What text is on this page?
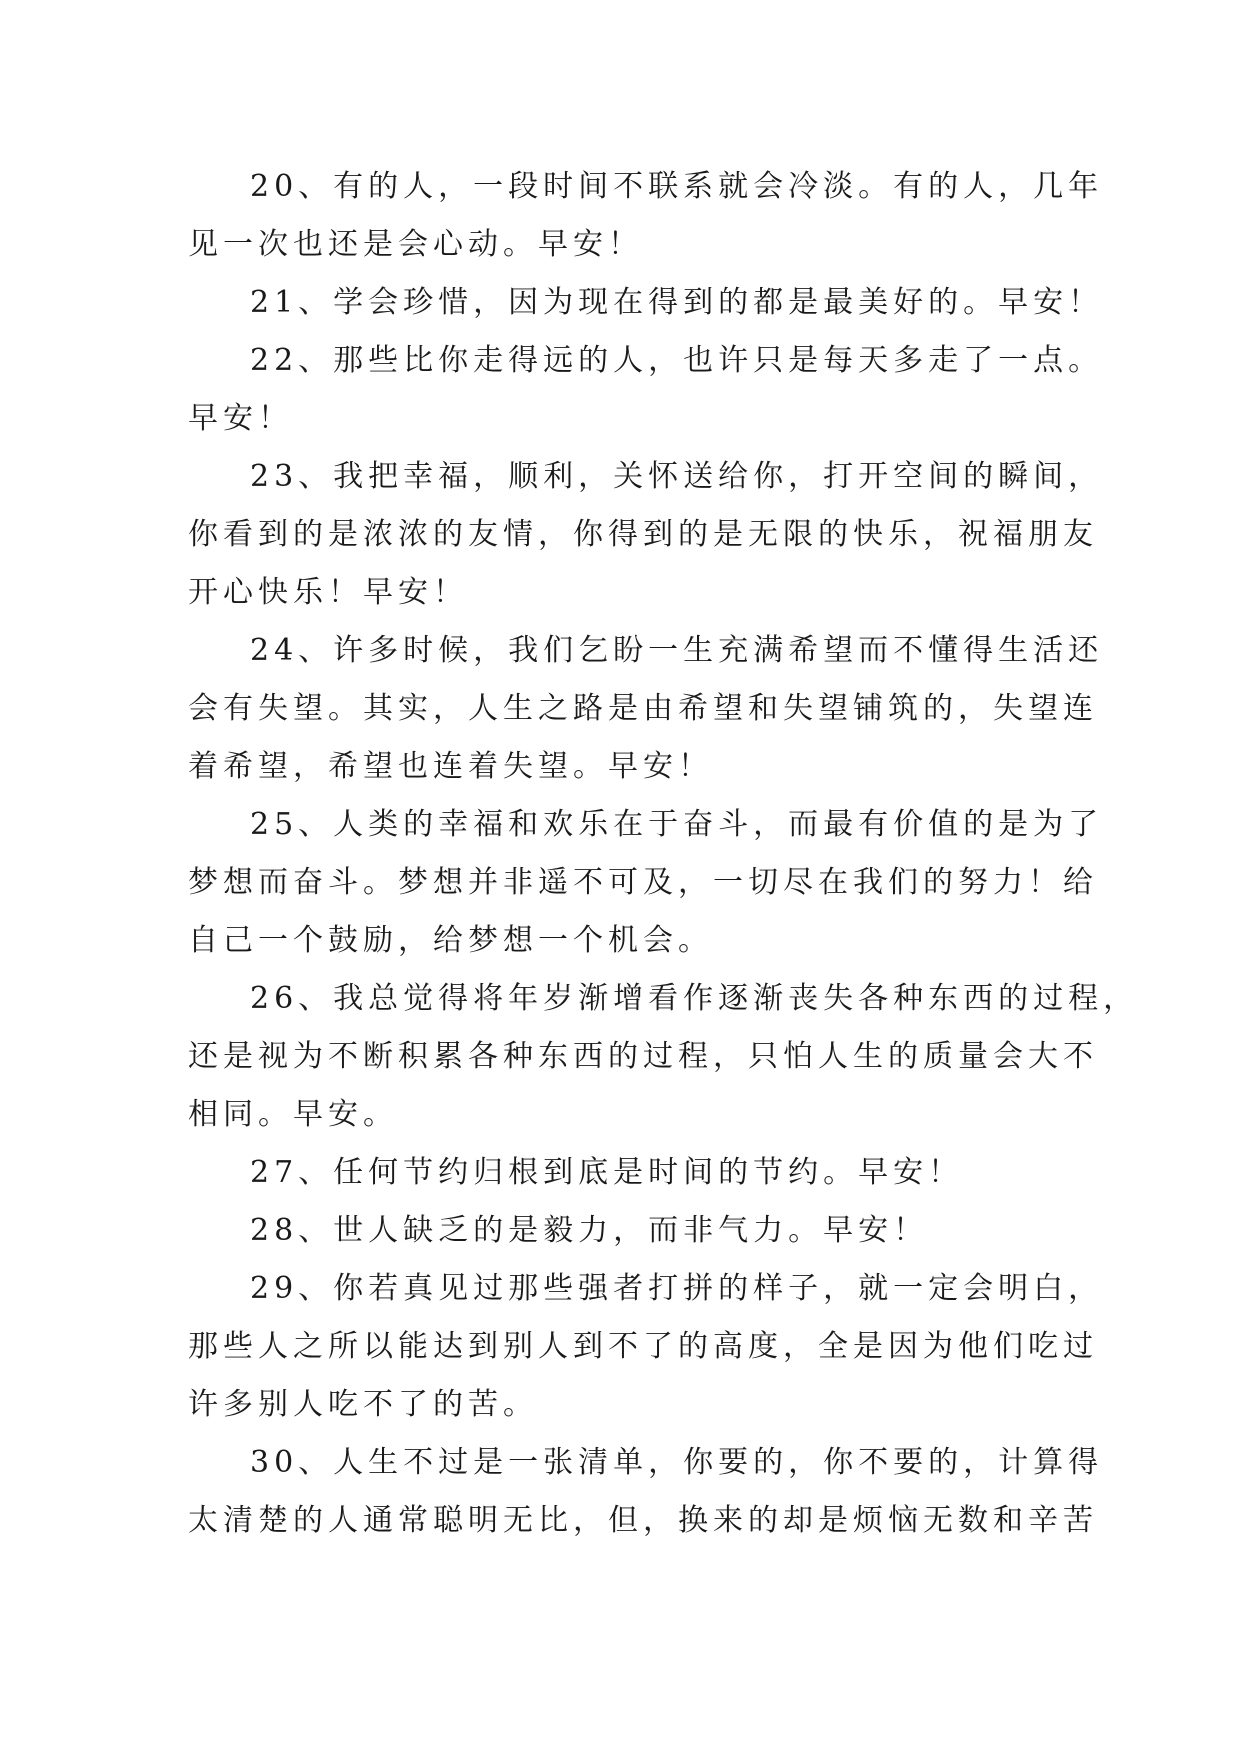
20、有的人，一段时间不联系就会冷淡。有的人，几年
见一次也还是会心动。早安！
21、学会珍惜，因为现在得到的都是最美好的。早安！
22、那些比你走得远的人，也许只是每天多走了一点。
早安！
23、我把幸福，顺利，关怀送给你，打开空间的瞬间，
你看到的是浓浓的友情，你得到的是无限的快乐，祝福朋友
开心快乐！早安！
24、许多时候，我们乞盼一生充满希望而不懂得生活还
会有失望。其实，人生之路是由希望和失望铺筑的，失望连
着希望，希望也连着失望。早安！
25、人类的幸福和欢乐在于奋斗，而最有价值的是为了
梦想而奋斗。梦想并非遥不可及，一切尽在我们的努力！给
自己一个鼓励，给梦想一个机会。
26、我总觉得将年岁渐增看作逐渐丧失各种东西的过程，
还是视为不断积累各种东西的过程，只怕人生的质量会大不
相同。早安。
27、任何节约归根到底是时间的节约。早安！
28、世人缺乏的是毅力，而非气力。早安！
29、你若真见过那些强者打拼的样子，就一定会明白，
那些人之所以能达到别人到不了的高度，全是因为他们吃过
许多别人吃不了的苦。
30、人生不过是一张清单，你要的，你不要的，计算得
太清楚的人通常聪明无比，但，换来的却是烦恼无数和辛苦
